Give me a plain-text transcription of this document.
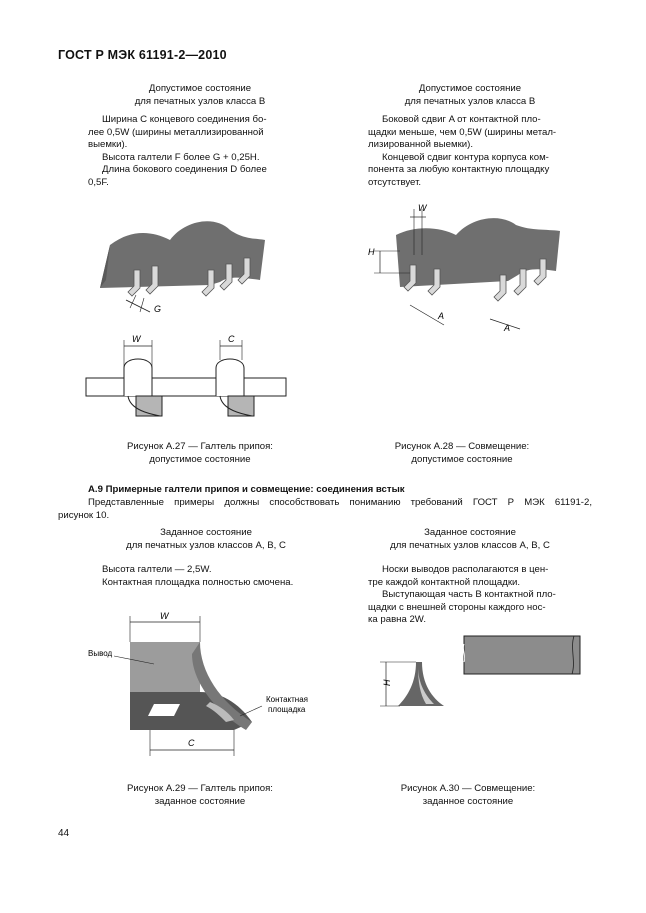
ГОСТ Р МЭК 61191-2—2010
Допустимое состояние
для печатных узлов класса В
Ширина C концевого соединения бо-
лее 0,5W (ширины металлизированной
выемки).
Высота галтели F более G + 0,25H.
Длина бокового соединения D более
0,5F.
G
W	C
Рисунок А.27 — Галтель припоя:
допустимое состояние
Допустимое состояние
для печатных узлов класса В
Боковой сдвиг A от контактной пло-
щадки меньше, чем 0,5W (ширины метал-
лизированной выемки).
Концевой сдвиг контура корпуса ком-
понента за любую контактную площадку
отсутствует.
W
H
A
A
Рисунок А.28 — Совмещение:
допустимое состояние
А.9 Примерные галтели припоя и совмещение: соединения встык
Представленные примеры должны способствовать пониманию требований ГОСТ Р МЭК 61191-2,
рисунок 10.
Заданное состояние
для печатных узлов классов А, В, С
Высота галтели — 2,5W.
Контактная площадка полностью смочена.
W
Вывод
Контактная
площадка
C
Рисунок А.29 — Галтель припоя:
заданное состояние
Заданное состояние
для печатных узлов классов А, В, С
Носки выводов располагаются в цен-
тре каждой контактной площадки.
Выступающая часть B контактной пло-
щадки с внешней стороны каждого нос-
ка равна 2W.
H
Рисунок А.30 — Совмещение:
заданное состояние
44
